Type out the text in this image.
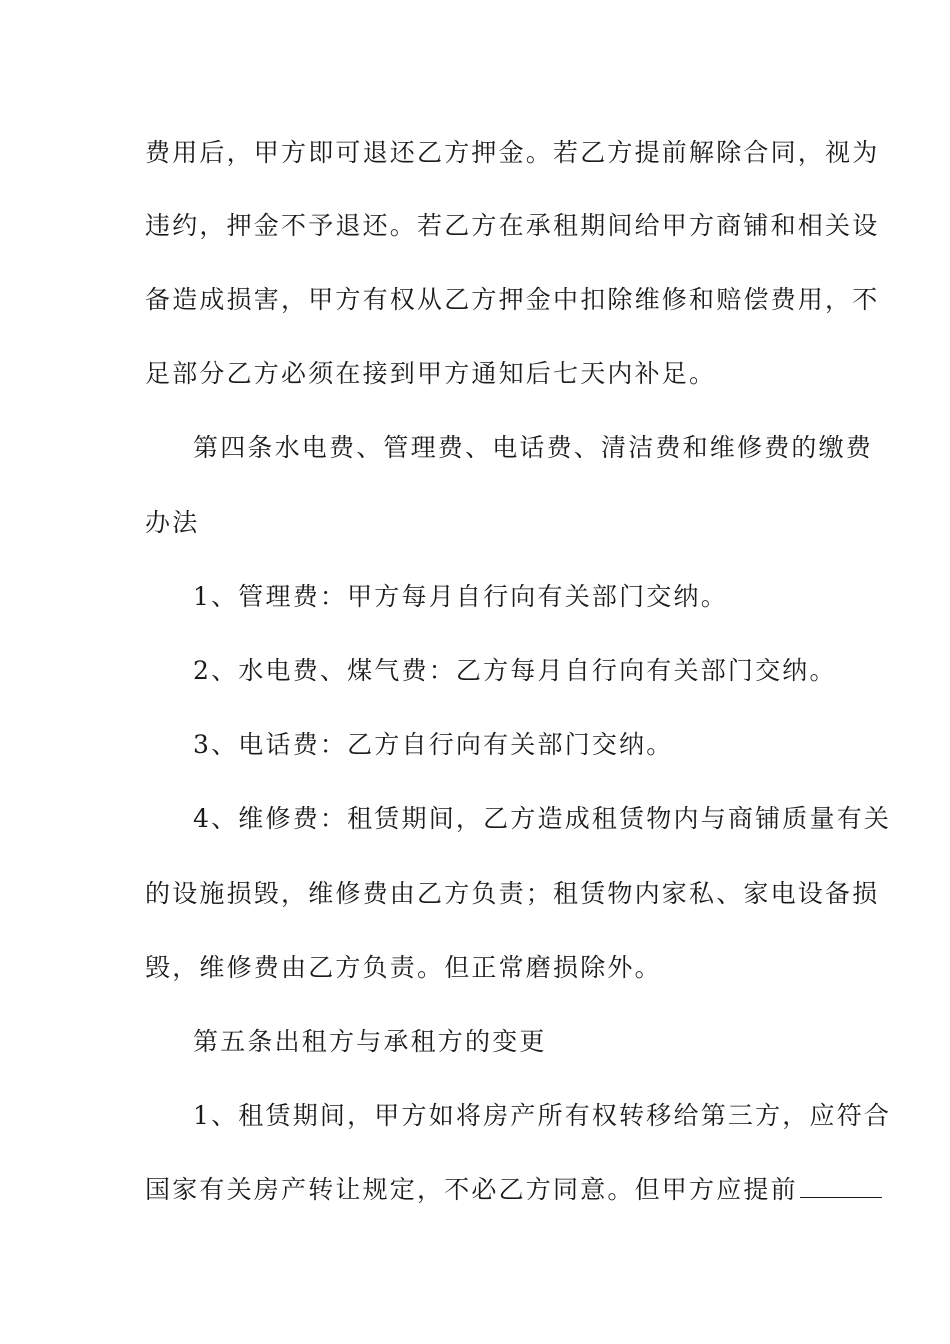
费用后，甲方即可退还乙方押金。若乙方提前解除合同，视为
违约，押金不予退还。若乙方在承租期间给甲方商铺和相关设
备造成损害，甲方有权从乙方押金中扣除维修和赔偿费用，不
足部分乙方必须在接到甲方通知后七天内补足。
第四条水电费、管理费、电话费、清洁费和维修费的缴费
办法
1、管理费：甲方每月自行向有关部门交纳。
2、水电费、煤气费：乙方每月自行向有关部门交纳。
3、电话费：乙方自行向有关部门交纳。
4、维修费：租赁期间，乙方造成租赁物内与商铺质量有关
的设施损毁，维修费由乙方负责；租赁物内家私、家电设备损
毁，维修费由乙方负责。但正常磨损除外。
第五条出租方与承租方的变更
1、租赁期间，甲方如将房产所有权转移给第三方，应符合
国家有关房产转让规定，不必乙方同意。但甲方应提前
